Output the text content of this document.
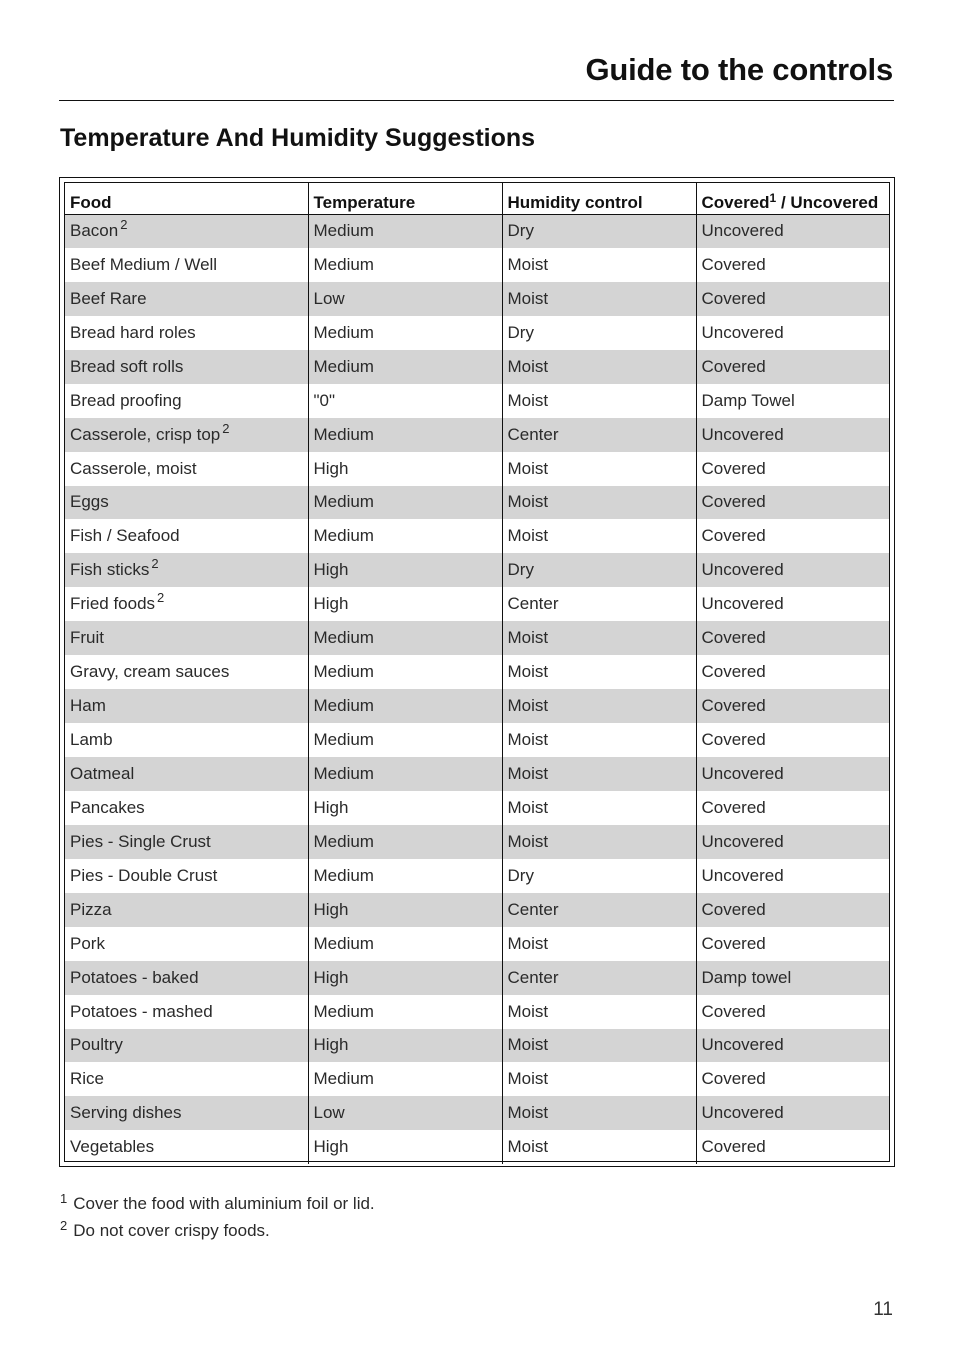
Guide to the controls
Temperature And Humidity Suggestions
Food	Temperature	Humidity control	Covered$^1$ / Uncovered
Bacon $^2$	Medium	Dry	Uncovered
Beef Medium / Well	Medium	Moist	Covered
Beef Rare	Low	Moist	Covered
Bread hard roles	Medium	Dry	Uncovered
Bread soft rolls	Medium	Moist	Covered
Bread proofing	"0"	Moist	Damp Towel
Casserole, crisp top $^2$	Medium	Center	Uncovered
Casserole, moist	High	Moist	Covered
Eggs	Medium	Moist	Covered
Fish / Seafood	Medium	Moist	Covered
Fish sticks $^2$	High	Dry	Uncovered
Fried foods $^2$	High	Center	Uncovered
Fruit	Medium	Moist	Covered
Gravy, cream sauces	Medium	Moist	Covered
Ham	Medium	Moist	Covered
Lamb	Medium	Moist	Covered
Oatmeal	Medium	Moist	Uncovered
Pancakes	High	Moist	Covered
Pies - Single Crust	Medium	Moist	Uncovered
Pies - Double Crust	Medium	Dry	Uncovered
Pizza	High	Center	Covered
Pork	Medium	Moist	Covered
Potatoes - baked	High	Center	Damp towel
Potatoes - mashed	Medium	Moist	Covered
Poultry	High	Moist	Uncovered
Rice	Medium	Moist	Covered
Serving dishes	Low	Moist	Uncovered
Vegetables	High	Moist	Covered
$^1$ Cover the food with aluminium foil or lid.
$^2$ Do not cover crispy foods.
11
